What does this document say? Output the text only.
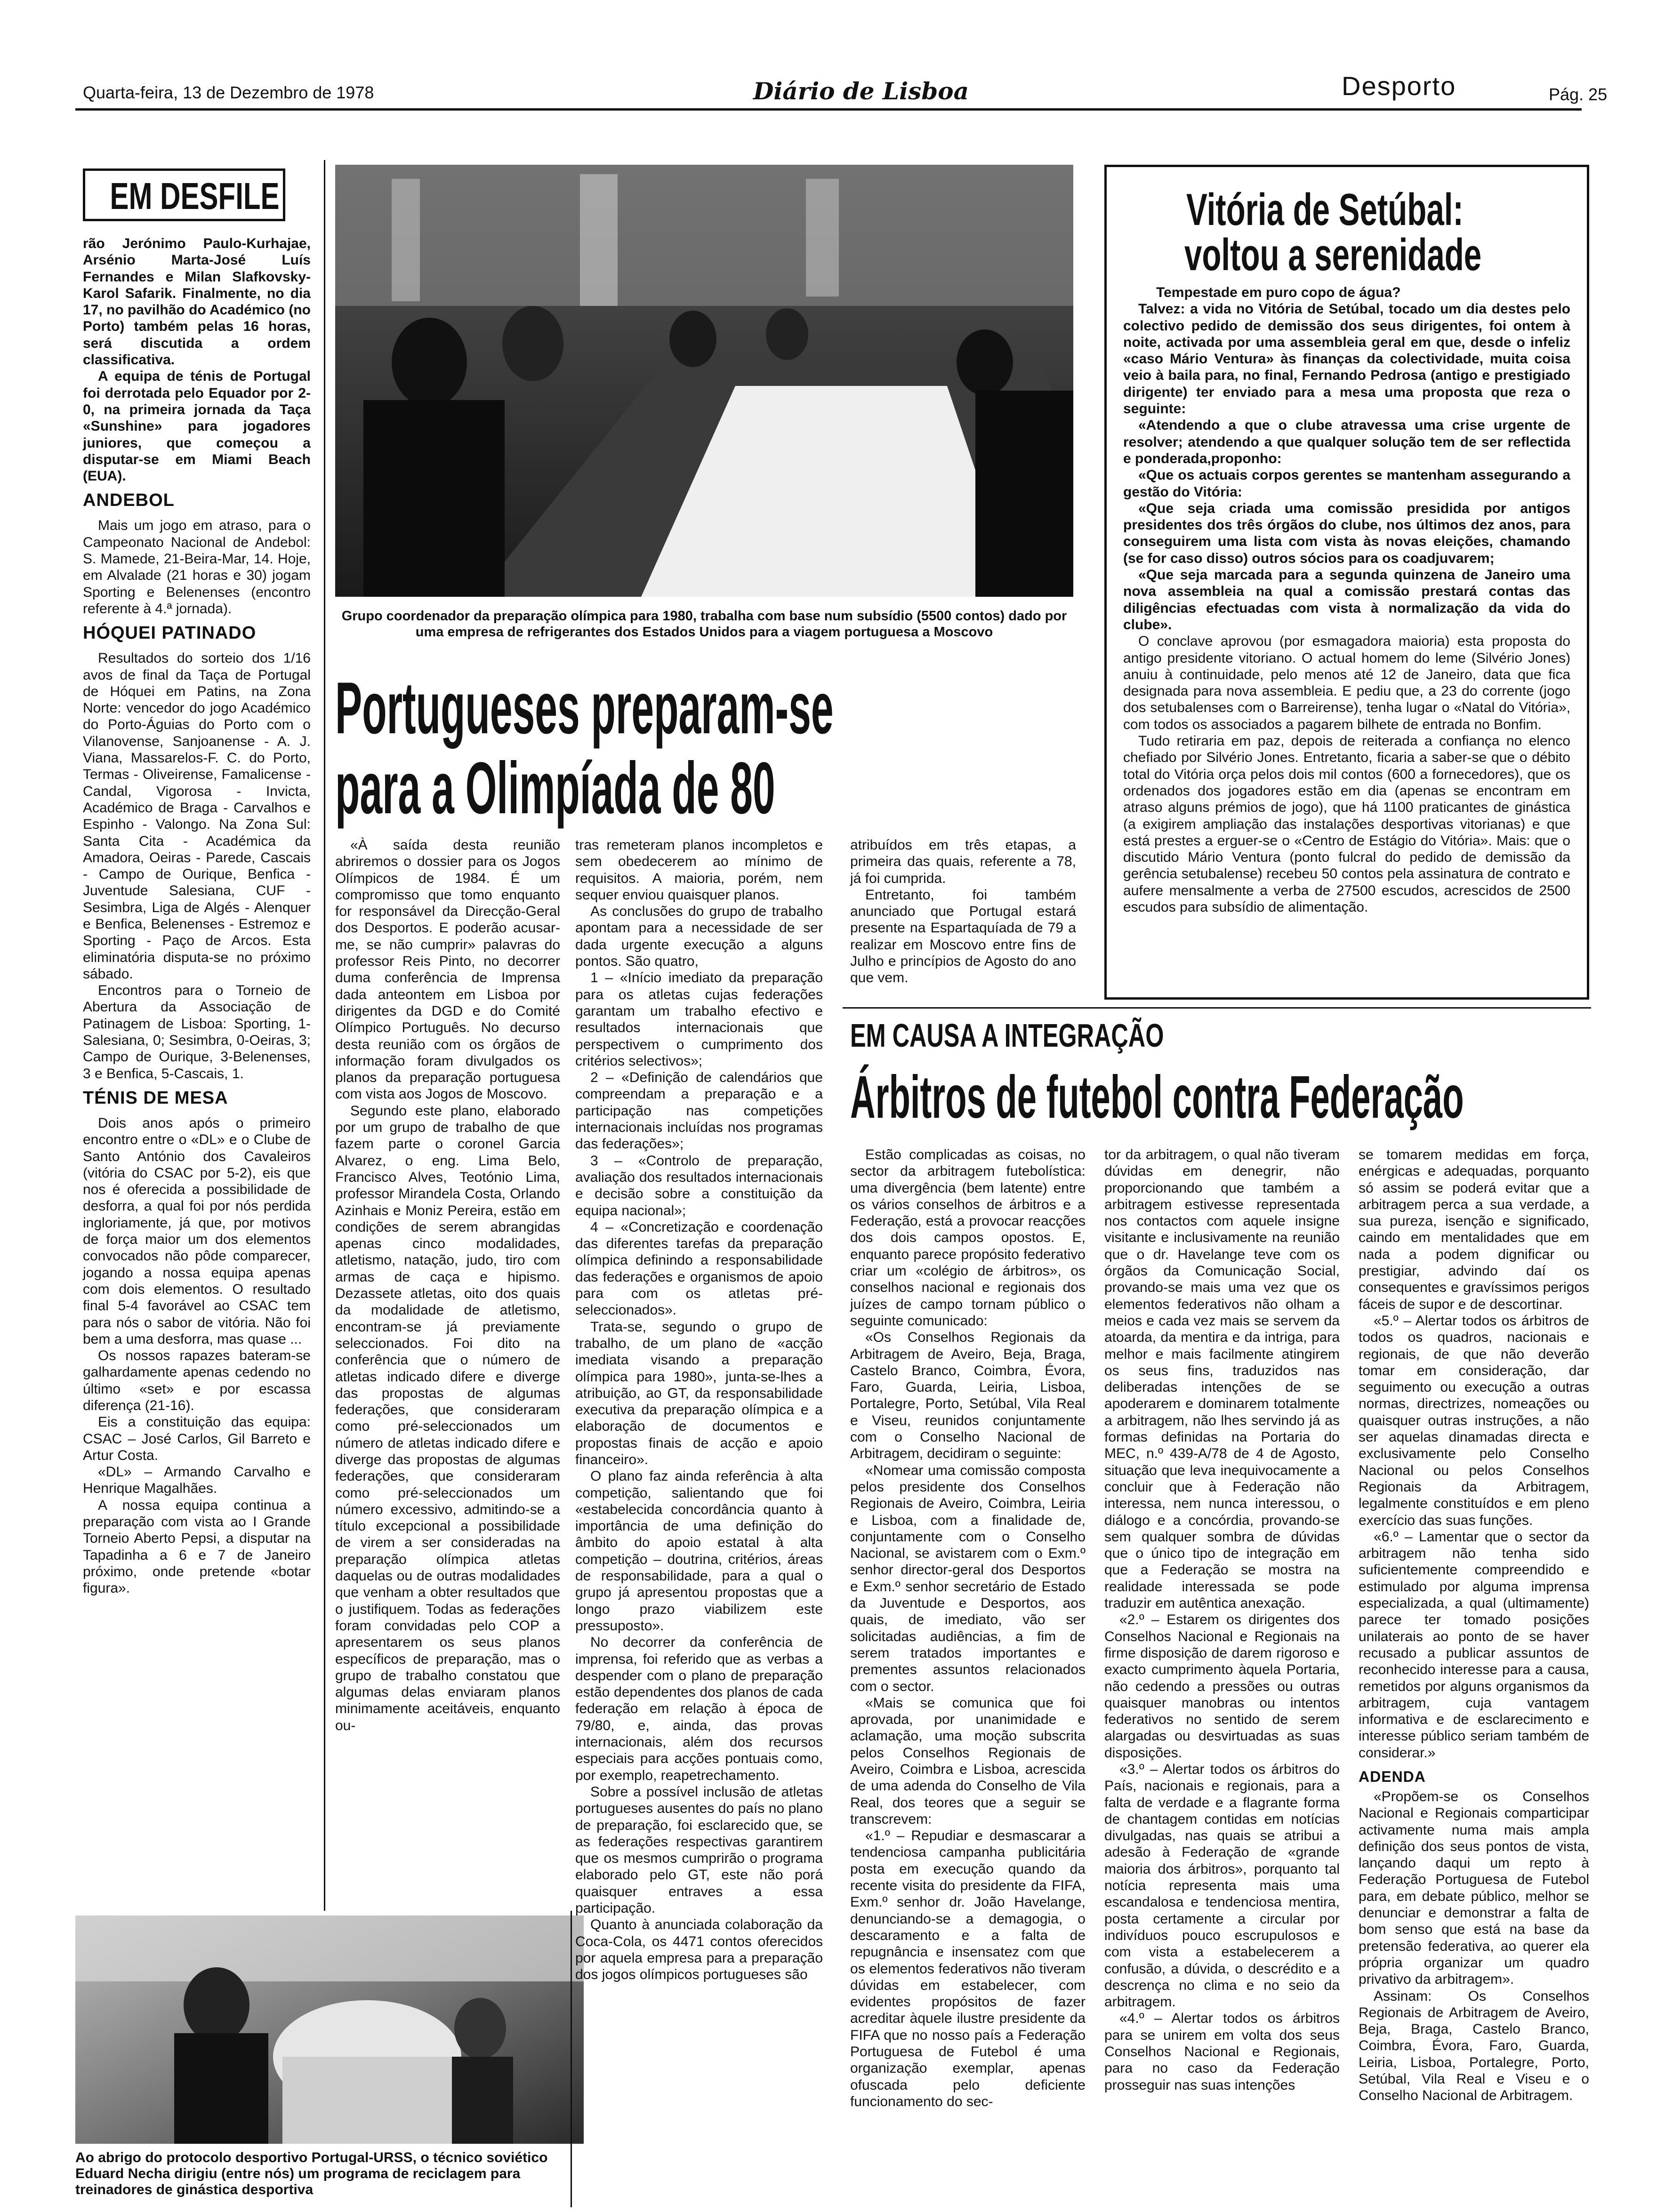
Quarta-feira, 13 de Dezembro de 1978	Diário de Lisboa	Desporto	Pág. 25
EM DESFILE

rão Jerónimo Paulo-Kurhajae, Arsénio Marta-José Luís Fernandes e Milan Slafkovsky-Karol Safarik. Finalmente, no dia 17, no pavilhão do Académico (no Porto) também pelas 16 horas, será discutida a ordem classificativa.

A equipa de ténis de Portugal foi derrotada pelo Equador por 2-0, na primeira jornada da Taça «Sunshine» para jogadores juniores, que começou a disputar-se em Miami Beach (EUA).

ANDEBOL

Mais um jogo em atraso, para o Campeonato Nacional de Andebol: S. Mamede, 21-Beira-Mar, 14. Hoje, em Alvalade (21 horas e 30) jogam Sporting e Belenenses (encontro referente à 4.ª jornada).

HÓQUEI PATINADO

Resultados do sorteio dos 1/16 avos de final da Taça de Portugal de Hóquei em Patins, na Zona Norte: vencedor do jogo Académico do Porto-Águias do Porto com o Vilanovense, Sanjoanense - A. J. Viana, Massarelos-F. C. do Porto, Termas - Oliveirense, Famalicense - Candal, Vigorosa - Invicta, Académico de Braga - Carvalhos e Espinho - Valongo. Na Zona Sul: Santa Cita - Académica da Amadora, Oeiras - Parede, Cascais - Campo de Ourique, Benfica - Juventude Salesiana, CUF - Sesimbra, Liga de Algés - Alenquer e Benfica, Belenenses - Estremoz e Sporting - Paço de Arcos. Esta eliminatória disputa-se no próximo sábado.

Encontros para o Torneio de Abertura da Associação de Patinagem de Lisboa: Sporting, 1-Salesiana, 0; Sesimbra, 0-Oeiras, 3; Campo de Ourique, 3-Belenenses, 3 e Benfica, 5-Cascais, 1.

TÉNIS DE MESA

Dois anos após o primeiro encontro entre o «DL» e o Clube de Santo António dos Cavaleiros (vitória do CSAC por 5-2), eis que nos é oferecida a possibilidade de desforra, a qual foi por nós perdida ingloriamente, já que, por motivos de força maior um dos elementos convocados não pôde comparecer, jogando a nossa equipa apenas com dois elementos. O resultado final 5-4 favorável ao CSAC tem para nós o sabor de vitória. Não foi bem a uma desforra, mas quase ...

Os nossos rapazes bateram-se galhardamente apenas cedendo no último «set» e por escassa diferença (21-16).

Eis a constituição das equipa: CSAC – José Carlos, Gil Barreto e Artur Costa.

«DL» – Armando Carvalho e Henrique Magalhães.

A nossa equipa continua a preparação com vista ao I Grande Torneio Aberto Pepsi, a disputar na Tapadinha a 6 e 7 de Janeiro próximo, onde pretende «botar figura».

Ao abrigo do protocolo desportivo Portugal-URSS, o técnico soviético Eduard Necha dirigiu (entre nós) um programa de reciclagem para treinadores de ginástica desportiva
Grupo coordenador da preparação olímpica para 1980, trabalha com base num subsídio (5500 contos) dado por uma empresa de refrigerantes dos Estados Unidos para a viagem portuguesa a Moscovo
Portugueses preparam-se
para a Olimpíada de 80

«À saída desta reunião abriremos o dossier para os Jogos Olímpicos de 1984. É um compromisso que tomo enquanto for responsável da Direcção-Geral dos Desportos. E poderão acusar-me, se não cumprir» palavras do professor Reis Pinto, no decorrer duma conferência de Imprensa dada anteontem em Lisboa por dirigentes da DGD e do Comité Olímpico Português. No decurso desta reunião com os órgãos de informação foram divulgados os planos da preparação portuguesa com vista aos Jogos de Moscovo.

Segundo este plano, elaborado por um grupo de trabalho de que fazem parte o coronel Garcia Alvarez, o eng. Lima Belo, Francisco Alves, Teotónio Lima, professor Mirandela Costa, Orlando Azinhais e Moniz Pereira, estão em condições de serem abrangidas apenas cinco modalidades, atletismo, natação, judo, tiro com armas de caça e hipismo. Dezassete atletas, oito dos quais da modalidade de atletismo, encontram-se já previamente seleccionados. Foi dito na conferência que o número de atletas indicado difere e diverge das propostas de algumas federações, que consideraram como pré-seleccionados um número de atletas indicado difere e diverge das propostas de algumas federações, que consideraram como pré-seleccionados um número excessivo, admitindo-se a título excepcional a possibilidade de virem a ser consideradas na preparação olímpica atletas daquelas ou de outras modalidades que venham a obter resultados que o justifiquem. Todas as federações foram convidadas pelo COP a apresentarem os seus planos específicos de preparação, mas o grupo de trabalho constatou que algumas delas enviaram planos minimamente aceitáveis, enquanto ou-

tras remeteram planos incompletos e sem obedecerem ao mínimo de requisitos. A maioria, porém, nem sequer enviou quaisquer planos.

As conclusões do grupo de trabalho apontam para a necessidade de ser dada urgente execução a alguns pontos. São quatro,

1 – «Início imediato da preparação para os atletas cujas federações garantam um trabalho efectivo e resultados internacionais que perspectivem o cumprimento dos critérios selectivos»;

2 – «Definição de calendários que compreendam a preparação e a participação nas competições internacionais incluídas nos programas das federações»;

3 – «Controlo de preparação, avaliação dos resultados internacionais e decisão sobre a constituição da equipa nacional»;

4 – «Concretização e coordenação das diferentes tarefas da preparação olímpica definindo a responsabilidade das federações e organismos de apoio para com os atletas pré-seleccionados».

Trata-se, segundo o grupo de trabalho, de um plano de «acção imediata visando a preparação olímpica para 1980», junta-se-lhes a atribuição, ao GT, da responsabilidade executiva da preparação olímpica e a elaboração de documentos e propostas finais de acção e apoio financeiro».

O plano faz ainda referência à alta competição, salientando que foi «estabelecida concordância quanto à importância de uma definição do âmbito do apoio estatal à alta competição – doutrina, critérios, áreas de responsabilidade, para a qual o grupo já apresentou propostas que a longo prazo viabilizem este pressuposto».

No decorrer da conferência de imprensa, foi referido que as verbas a despender com o plano de preparação estão dependentes dos planos de cada federação em relação à época de 79/80, e, ainda, das provas internacionais, além dos recursos especiais para acções pontuais como, por exemplo, reapetrechamento.

Sobre a possível inclusão de atletas portugueses ausentes do país no plano de preparação, foi esclarecido que, se as federações respectivas garantirem que os mesmos cumprirão o programa elaborado pelo GT, este não porá quaisquer entraves a essa participação.

Quanto à anunciada colaboração da Coca-Cola, os 4471 contos oferecidos por aquela empresa para a preparação dos jogos olímpicos portugueses são

atribuídos em três etapas, a primeira das quais, referente a 78, já foi cumprida.

Entretanto, foi também anunciado que Portugal estará presente na Espartaquíada de 79 a realizar em Moscovo entre fins de Julho e princípios de Agosto do ano que vem.

Vitória de Setúbal:
voltou a serenidade

Tempestade em puro copo de água?

Talvez: a vida no Vitória de Setúbal, tocado um dia destes pelo colectivo pedido de demissão dos seus dirigentes, foi ontem à noite, activada por uma assembleia geral em que, desde o infeliz «caso Mário Ventura» às finanças da colectividade, muita coisa veio à baila para, no final, Fernando Pedrosa (antigo e prestigiado dirigente) ter enviado para a mesa uma proposta que reza o seguinte:

«Atendendo a que o clube atravessa uma crise urgente de resolver; atendendo a que qualquer solução tem de ser reflectida e ponderada,proponho:

«Que os actuais corpos gerentes se mantenham assegurando a gestão do Vitória:

«Que seja criada uma comissão presidida por antigos presidentes dos três órgãos do clube, nos últimos dez anos, para conseguirem uma lista com vista às novas eleições, chamando (se for caso disso) outros sócios para os coadjuvarem;

«Que seja marcada para a segunda quinzena de Janeiro uma nova assembleia na qual a comissão prestará contas das diligências efectuadas com vista à normalização da vida do clube».

O conclave aprovou (por esmagadora maioria) esta proposta do antigo presidente vitoriano. O actual homem do leme (Silvério Jones) anuiu à continuidade, pelo menos até 12 de Janeiro, data que fica designada para nova assembleia. E pediu que, a 23 do corrente (jogo dos setubalenses com o Barreirense), tenha lugar o «Natal do Vitória», com todos os associados a pagarem bilhete de entrada no Bonfim.

Tudo retiraria em paz, depois de reiterada a confiança no elenco chefiado por Silvério Jones. Entretanto, ficaria a saber-se que o débito total do Vitória orça pelos dois mil contos (600 a fornecedores), que os ordenados dos jogadores estão em dia (apenas se encontram em atraso alguns prémios de jogo), que há 1100 praticantes de ginástica (a exigirem ampliação das instalações desportivas vitorianas) e que está prestes a erguer-se o «Centro de Estágio do Vitória». Mais: que o discutido Mário Ventura (ponto fulcral do pedido de demissão da gerência setubalense) recebeu 50 contos pela assinatura de contrato e aufere mensalmente a verba de 27500 escudos, acrescidos de 2500 escudos para subsídio de alimentação.

EM CAUSA A INTEGRAÇÃO
Árbitros de futebol contra Federação

Estão complicadas as coisas, no sector da arbitragem futebolística: uma divergência (bem latente) entre os vários conselhos de árbitros e a Federação, está a provocar reacções dos dois campos opostos. E, enquanto parece propósito federativo criar um «colégio de árbitros», os conselhos nacional e regionais dos juízes de campo tornam público o seguinte comunicado:

«Os Conselhos Regionais da Arbitragem de Aveiro, Beja, Braga, Castelo Branco, Coimbra, Évora, Faro, Guarda, Leiria, Lisboa, Portalegre, Porto, Setúbal, Vila Real e Viseu, reunidos conjuntamente com o Conselho Nacional de Arbitragem, decidiram o seguinte:

«Nomear uma comissão composta pelos presidente dos Conselhos Regionais de Aveiro, Coimbra, Leiria e Lisboa, com a finalidade de, conjuntamente com o Conselho Nacional, se avistarem com o Exm.º senhor director-geral dos Desportos e Exm.º senhor secretário de Estado da Juventude e Desportos, aos quais, de imediato, vão ser solicitadas audiências, a fim de serem tratados importantes e prementes assuntos relacionados com o sector.

«Mais se comunica que foi aprovada, por unanimidade e aclamação, uma moção subscrita pelos Conselhos Regionais de Aveiro, Coimbra e Lisboa, acrescida de uma adenda do Conselho de Vila Real, dos teores que a seguir se transcrevem:

«1.º – Repudiar e desmascarar a tendenciosa campanha publicitária posta em execução quando da recente visita do presidente da FIFA, Exm.º senhor dr. João Havelange, denunciando-se a demagogia, o descaramento e a falta de repugnância e insensatez com que os elementos federativos não tiveram dúvidas em estabelecer, com evidentes propósitos de fazer acreditar àquele ilustre presidente da FIFA que no nosso país a Federação Portuguesa de Futebol é uma organização exemplar, apenas ofuscada pelo deficiente funcionamento do sec-

tor da arbitragem, o qual não tiveram dúvidas em denegrir, não proporcionando que também a arbitragem estivesse representada nos contactos com aquele insigne visitante e inclusivamente na reunião que o dr. Havelange teve com os órgãos da Comunicação Social, provando-se mais uma vez que os elementos federativos não olham a meios e cada vez mais se servem da atoarda, da mentira e da intriga, para melhor e mais facilmente atingirem os seus fins, traduzidos nas deliberadas intenções de se apoderarem e dominarem totalmente a arbitragem, não lhes servindo já as formas definidas na Portaria do MEC, n.º 439-A/78 de 4 de Agosto, situação que leva inequivocamente a concluir que à Federação não interessa, nem nunca interessou, o diálogo e a concórdia, provando-se sem qualquer sombra de dúvidas que o único tipo de integração em que a Federação se mostra na realidade interessada se pode traduzir em autêntica anexação.

«2.º – Estarem os dirigentes dos Conselhos Nacional e Regionais na firme disposição de darem rigoroso e exacto cumprimento àquela Portaria, não cedendo a pressões ou outras quaisquer manobras ou intentos federativos no sentido de serem alargadas ou desvirtuadas as suas disposições.

«3.º – Alertar todos os árbitros do País, nacionais e regionais, para a falta de verdade e a flagrante forma de chantagem contidas em notícias divulgadas, nas quais se atribui a adesão à Federação de «grande maioria dos árbitros», porquanto tal notícia representa mais uma escandalosa e tendenciosa mentira, posta certamente a circular por indivíduos pouco escrupulosos e com vista a estabelecerem a confusão, a dúvida, o descrédito e a descrença no clima e no seio da arbitragem.

«4.º – Alertar todos os árbitros para se unirem em volta dos seus Conselhos Nacional e Regionais, para no caso da Federação prosseguir nas suas intenções

se tomarem medidas em força, enérgicas e adequadas, porquanto só assim se poderá evitar que a arbitragem perca a sua verdade, a sua pureza, isenção e significado, caindo em mentalidades que em nada a podem dignificar ou prestigiar, advindo daí os consequentes e gravíssimos perigos fáceis de supor e de descortinar.

«5.º – Alertar todos os árbitros de todos os quadros, nacionais e regionais, de que não deverão tomar em consideração, dar seguimento ou execução a outras normas, directrizes, nomeações ou quaisquer outras instruções, a não ser aquelas dinamadas directa e exclusivamente pelo Conselho Nacional ou pelos Conselhos Regionais da Arbitragem, legalmente constituídos e em pleno exercício das suas funções.

«6.º – Lamentar que o sector da arbitragem não tenha sido suficientemente compreendido e estimulado por alguma imprensa especializada, a qual (ultimamente) parece ter tomado posições unilaterais ao ponto de se haver recusado a publicar assuntos de reconhecido interesse para a causa, remetidos por alguns organismos da arbitragem, cuja vantagem informativa e de esclarecimento e interesse público seriam também de considerar.»

ADENDA

«Propõem-se os Conselhos Nacional e Regionais comparticipar activamente numa mais ampla definição dos seus pontos de vista, lançando daqui um repto à Federação Portuguesa de Futebol para, em debate público, melhor se denunciar e demonstrar a falta de bom senso que está na base da pretensão federativa, ao querer ela própria organizar um quadro privativo da arbitragem».

Assinam: Os Conselhos Regionais de Arbitragem de Aveiro, Beja, Braga, Castelo Branco, Coimbra, Évora, Faro, Guarda, Leiria, Lisboa, Portalegre, Porto, Setúbal, Vila Real e Viseu e o Conselho Nacional de Arbitragem.
